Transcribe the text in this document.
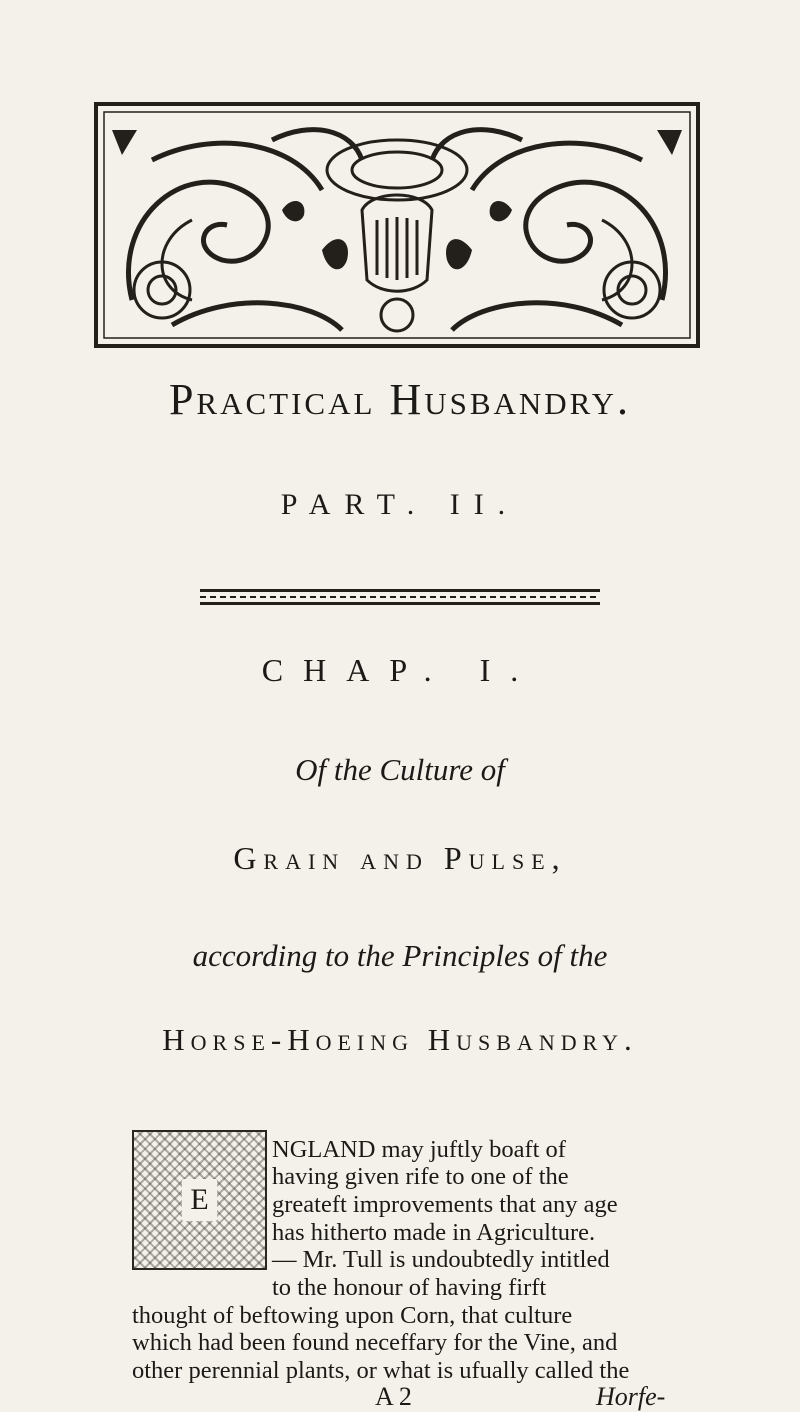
Practical Husbandry.
PART. II.
CHAP. I.
Of the Culture of
Grain and Pulse,
according to the Principles of the
Horse-Hoeing Husbandry.
E
NGLAND may juftly boaft of
having given rife to one of the
greateft improvements that any age
has hitherto made in Agriculture.
— Mr. Tull is undoubtedly intitled
to the honour of having firft
thought of beftowing upon Corn, that culture
which had been found neceffary for the Vine, and
other perennial plants, or what is ufually called the
A 2	Horfe-
